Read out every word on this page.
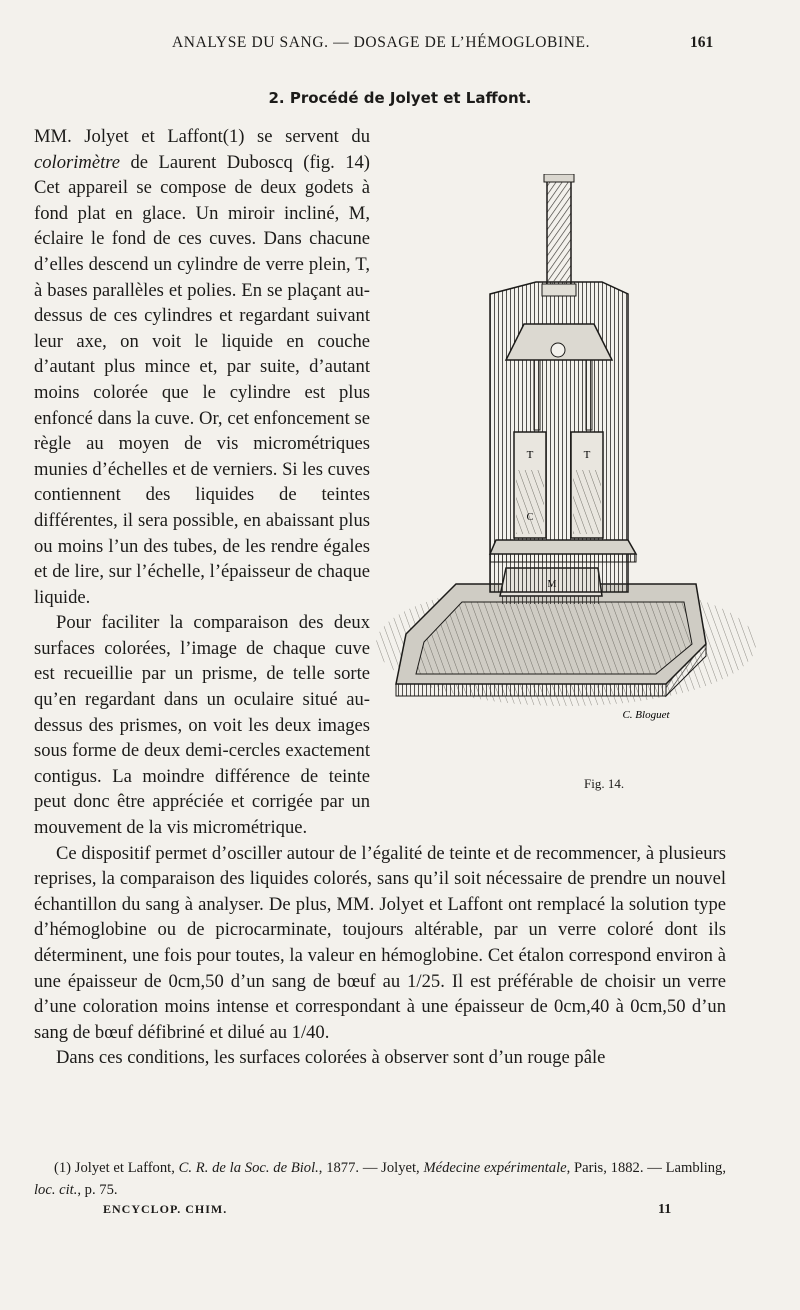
ANALYSE DU SANG. — DOSAGE DE L’HÉMOGLOBINE.	161
2. Procédé de Jolyet et Laffont.
T	T
C
C. Bloguet
Fig. 14.

MM. Jolyet et Laffont(1) se servent du colorimètre de Laurent Duboscq (fig. 14) Cet appareil se compose de deux godets à fond plat en glace. Un miroir incliné, M, éclaire le fond de ces cuves. Dans chacune d’elles descend un cylindre de verre plein, T, à bases parallèles et polies. En se plaçant au-dessus de ces cylindres et regardant suivant leur axe, on voit le liquide en couche d’autant plus mince et, par suite, d’autant moins colorée que le cylindre est plus enfoncé dans la cuve. Or, cet enfoncement se règle au moyen de vis micrométriques munies d’échelles et de verniers. Si les cuves contiennent des liquides de teintes différentes, il sera possible, en abaissant plus ou moins l’un des tubes, de les rendre égales et de lire, sur l’échelle, l’épaisseur de chaque liquide.

Pour faciliter la comparaison des deux surfaces colorées, l’image de chaque cuve est recueillie par un prisme, de telle sorte qu’en regardant dans un oculaire situé au-dessus des prismes, on voit les deux images sous forme de deux demi-cercles exactement contigus. La moindre différence de teinte peut donc être appréciée et corrigée par un mouvement de la vis micrométrique.

Ce dispositif permet d’osciller autour de l’égalité de teinte et de recommencer, à plusieurs reprises, la comparaison des liquides colorés, sans qu’il soit nécessaire de prendre un nouvel échantillon du sang à analyser. De plus, MM. Jolyet et Laffont ont remplacé la solution type d’hémoglobine ou de picrocarminate, toujours altérable, par un verre coloré dont ils déterminent, une fois pour toutes, la valeur en hémoglobine. Cet étalon correspond environ à une épaisseur de 0cm,50 d’un sang de bœuf au 1/25. Il est préférable de choisir un verre d’une coloration moins intense et correspondant à une épaisseur de 0cm,40 à 0cm,50 d’un sang de bœuf défibriné et dilué au 1/40.

Dans ces conditions, les surfaces colorées à observer sont d’un rouge pâle

(1) Jolyet et Laffont, C. R. de la Soc. de Biol., 1877. — Jolyet, Médecine expérimentale, Paris, 1882. — Lambling, loc. cit., p. 75.

ENCYCLOP. CHIM.	11
